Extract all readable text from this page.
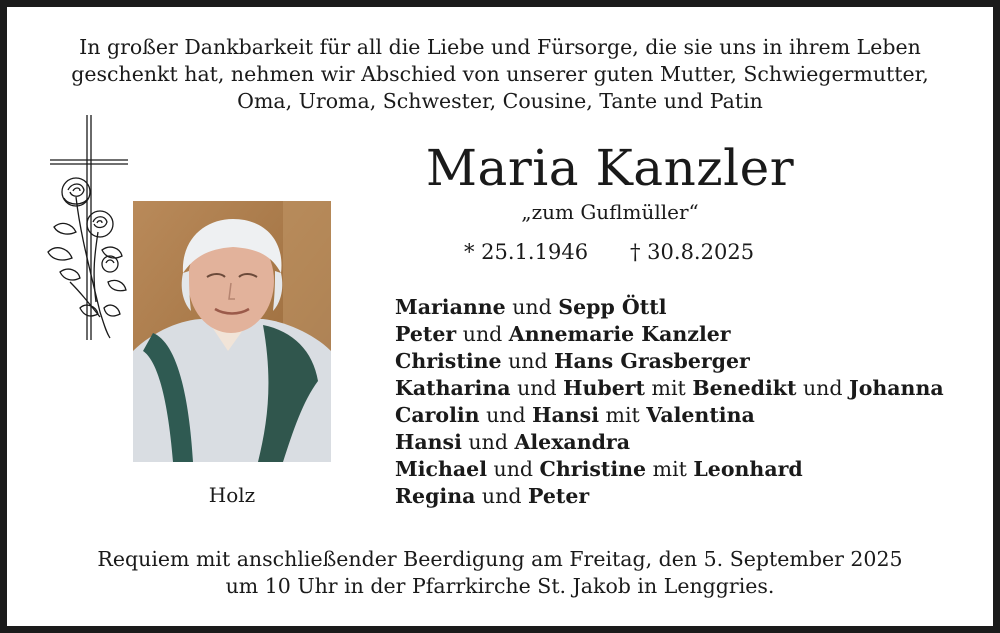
In großer Dankbarkeit für all die Liebe und Fürsorge, die sie uns in ihrem Leben
geschenkt hat, nehmen wir Abschied von unserer guten Mutter, Schwiegermutter,
Oma, Uroma, Schwester, Cousine, Tante und Patin
Holz
Maria Kanzler
„zum Guflmüller“
* 25.1.1946 † 30.8.2025
Marianne und Sepp Öttl
Peter und Annemarie Kanzler
Christine und Hans Grasberger
Katharina und Hubert mit Benedikt und Johanna
Carolin und Hansi mit Valentina
Hansi und Alexandra
Michael und Christine mit Leonhard
Regina und Peter
Requiem mit anschließender Beerdigung am Freitag, den 5. September 2025
um 10 Uhr in der Pfarrkirche St. Jakob in Lenggries.
